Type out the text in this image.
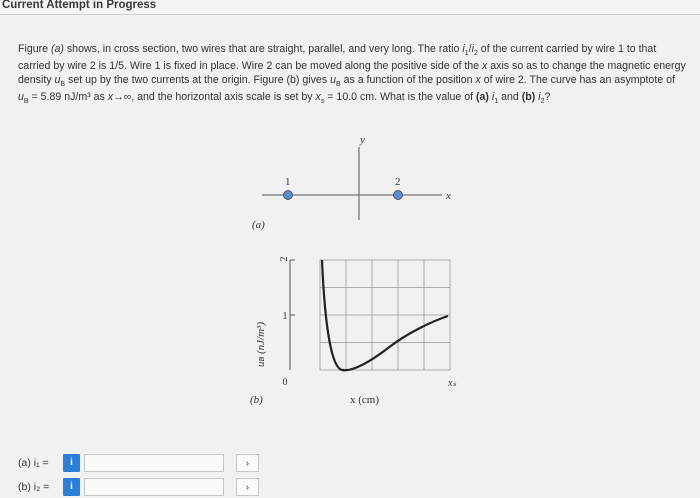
Current Attempt in Progress
Figure (a) shows, in cross section, two wires that are straight, parallel, and very long. The ratio $i_1/i_2$ of the current carried by wire 1 to that carried by wire 2 is 1/5. Wire 1 is fixed in place. Wire 2 can be moved along the positive side of the x axis so as to change the magnetic energy density $u_B$ set up by the two currents at the origin. Figure (b) gives $u_B$ as a function of the position x of wire 2. The curve has an asymptote of $u_B = 5.89$ nJ/m³ as x→∞, and the horizontal axis scale is set by $x_s = 10.0$ cm. What is the value of (a) $i_1$ and (b) $i_2$?
y
x
1	2
(a)
2
1
0
uʙ (nJ/m³)
xₛ
x (cm)
(b)
(a) i₁ =	i	›
(b) i₂ =	i	›
